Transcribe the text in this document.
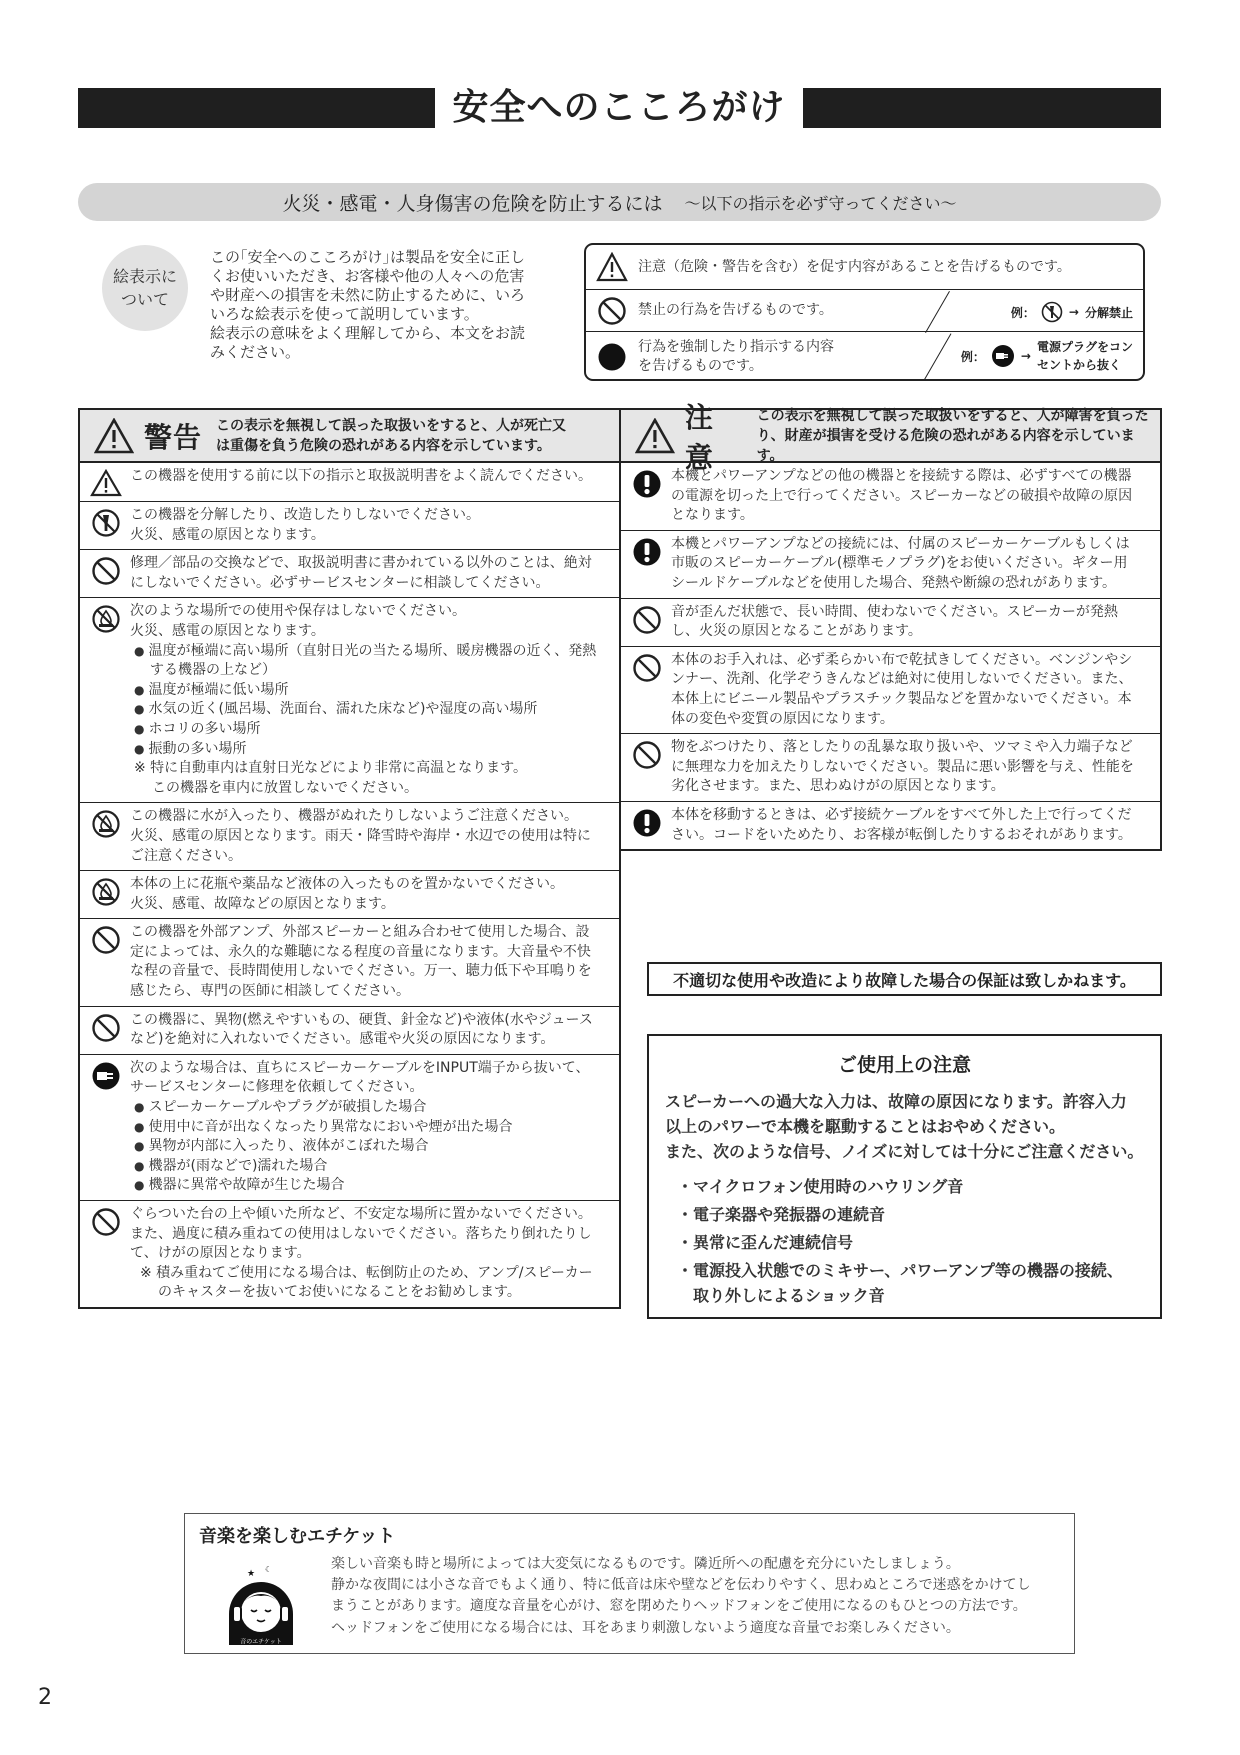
安全へのこころがけ
火災・感電・人身傷害の危険を防止するには ～以下の指示を必ず守ってください～
絵表示に
ついて
この｢安全へのこころがけ｣は製品を安全に正し
くお使いいただき、お客様や他の人々への危害
や財産への損害を未然に防止するために、いろ
いろな絵表示を使って説明しています。
絵表示の意味をよく理解してから、本文をお読
みください。
注意（危険・警告を含む）を促す内容があることを告げるものです。
禁止の行為を告げるものです。	例：	→ 分解禁止
行為を強制したり指示する内容
を告げるものです。
例：	→
電源プラグをコン
セントから抜く
警告 この表示を無視して誤った取扱いをすると、人が死亡又
は重傷を負う危険の恐れがある内容を示しています。
この機器を使用する前に以下の指示と取扱説明書をよく読んでください。
この機器を分解したり、改造したりしないでください。
火災、感電の原因となります。
修理／部品の交換などで、取扱説明書に書かれている以外のことは、絶対
にしないでください。必ずサービスセンターに相談してください。
次のような場所での使用や保存はしないでください。
火災、感電の原因となります。
● 温度が極端に高い場所（直射日光の当たる場所、暖房機器の近く、発熱
する機器の上など）
● 温度が極端に低い場所
● 水気の近く(風呂場、洗面台、濡れた床など)や湿度の高い場所
● ホコリの多い場所
● 振動の多い場所
※ 特に自動車内は直射日光などにより非常に高温となります。
この機器を車内に放置しないでください。
この機器に水が入ったり、機器がぬれたりしないようご注意ください。
火災、感電の原因となります。雨天・降雪時や海岸・水辺での使用は特に
ご注意ください。
本体の上に花瓶や薬品など液体の入ったものを置かないでください。
火災、感電、故障などの原因となります。
この機器を外部アンプ、外部スピーカーと組み合わせて使用した場合、設
定によっては、永久的な難聴になる程度の音量になります。大音量や不快
な程の音量で、長時間使用しないでください。万一、聴力低下や耳鳴りを
感じたら、専門の医師に相談してください。
この機器に、異物(燃えやすいもの、硬貨、針金など)や液体(水やジュース
など)を絶対に入れないでください。感電や火災の原因になります。
次のような場合は、直ちにスピーカーケーブルをINPUT端子から抜いて、
サービスセンターに修理を依頼してください。
● スピーカーケーブルやプラグが破損した場合
● 使用中に音が出なくなったり異常なにおいや煙が出た場合
● 異物が内部に入ったり、液体がこぼれた場合
● 機器が(雨などで)濡れた場合
● 機器に異常や故障が生じた場合
ぐらついた台の上や傾いた所など、不安定な場所に置かないでください。
また、過度に積み重ねての使用はしないでください。落ちたり倒れたりし
て、けがの原因となります。
※ 積み重ねてご使用になる場合は、転倒防止のため、アンプ/スピーカー
のキャスターを抜いてお使いになることをお勧めします。
注意
この表示を無視して誤った取扱いをすると、人が障害を負った
り、財産が損害を受ける危険の恐れがある内容を示しています。
本機とパワーアンプなどの他の機器とを接続する際は、必ずすべての機器
の電源を切った上で行ってください。スピーカーなどの破損や故障の原因
となります。
本機とパワーアンプなどの接続には、付属のスピーカーケーブルもしくは
市販のスピーカーケーブル(標準モノプラグ)をお使いください。ギター用
シールドケーブルなどを使用した場合、発熱や断線の恐れがあります。
音が歪んだ状態で、長い時間、使わないでください。スピーカーが発熱
し、火災の原因となることがあります。
本体のお手入れは、必ず柔らかい布で乾拭きしてください。ベンジンやシ
ンナー、洗剤、化学ぞうきんなどは絶対に使用しないでください。また、
本体上にビニール製品やプラスチック製品などを置かないでください。本
体の変色や変質の原因になります。
物をぶつけたり、落としたりの乱暴な取り扱いや、ツマミや入力端子など
に無理な力を加えたりしないでください。製品に悪い影響を与え、性能を
劣化させます。また、思わぬけがの原因となります。
本体を移動するときは、必ず接続ケーブルをすべて外した上で行ってくだ
さい。コードをいためたり、お客様が転倒したりするおそれがあります。
不適切な使用や改造により故障した場合の保証は致しかねます。
ご使用上の注意
スピーカーへの過大な入力は、故障の原因になります。許容入力
以上のパワーで本機を駆動することはおやめください。
また、次のような信号、ノイズに対しては十分にご注意ください。
・マイクロフォン使用時のハウリング音
・電子楽器や発振器の連続音
・異常に歪んだ連続信号
・電源投入状態でのミキサー、パワーアンプ等の機器の接続、
取り外しによるショック音
音楽を楽しむエチケット
★ ☾
音のエチケット
楽しい音楽も時と場所によっては大変気になるものです。隣近所への配慮を充分にいたしましょう。
静かな夜間には小さな音でもよく通り、特に低音は床や壁などを伝わりやすく、思わぬところで迷惑をかけてし
まうことがあります。適度な音量を心がけ、窓を閉めたりヘッドフォンをご使用になるのもひとつの方法です。
ヘッドフォンをご使用になる場合には、耳をあまり刺激しないよう適度な音量でお楽しみください。
2
